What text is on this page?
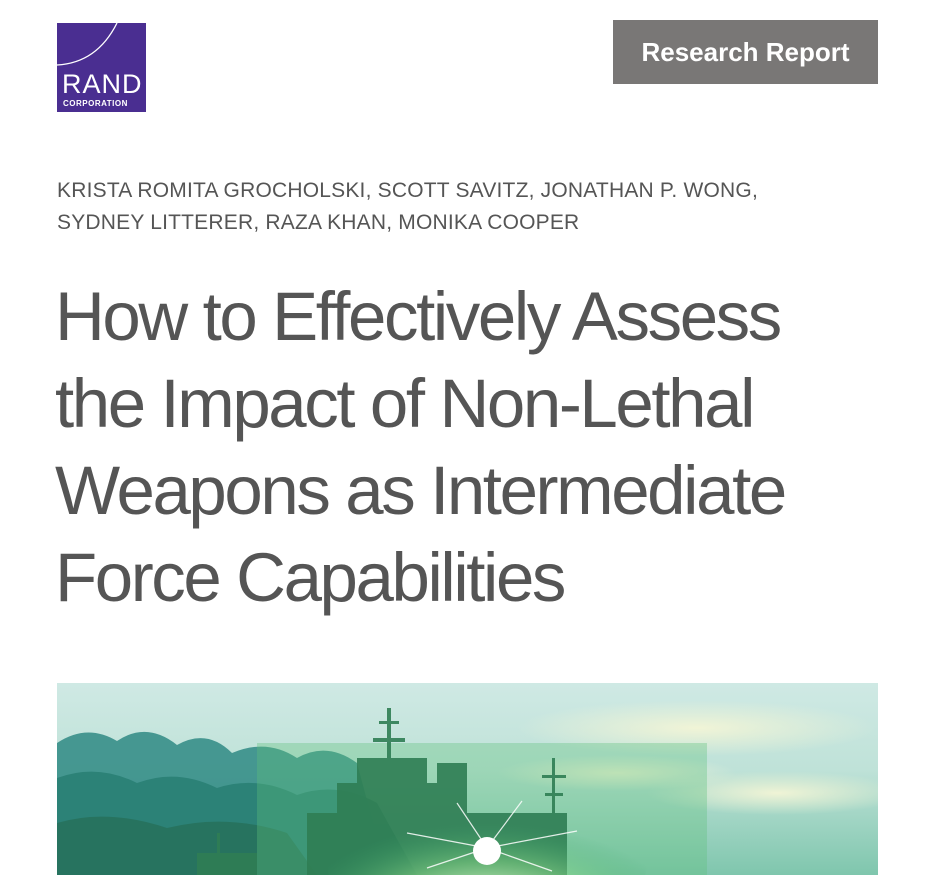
RAND
CORPORATION
Research Report
KRISTA ROMITA GROCHOLSKI, SCOTT SAVITZ, JONATHAN P. WONG,
SYDNEY LITTERER, RAZA KHAN, MONIKA COOPER
How to Effectively Assess
the Impact of Non-Lethal
Weapons as Intermediate
Force Capabilities
